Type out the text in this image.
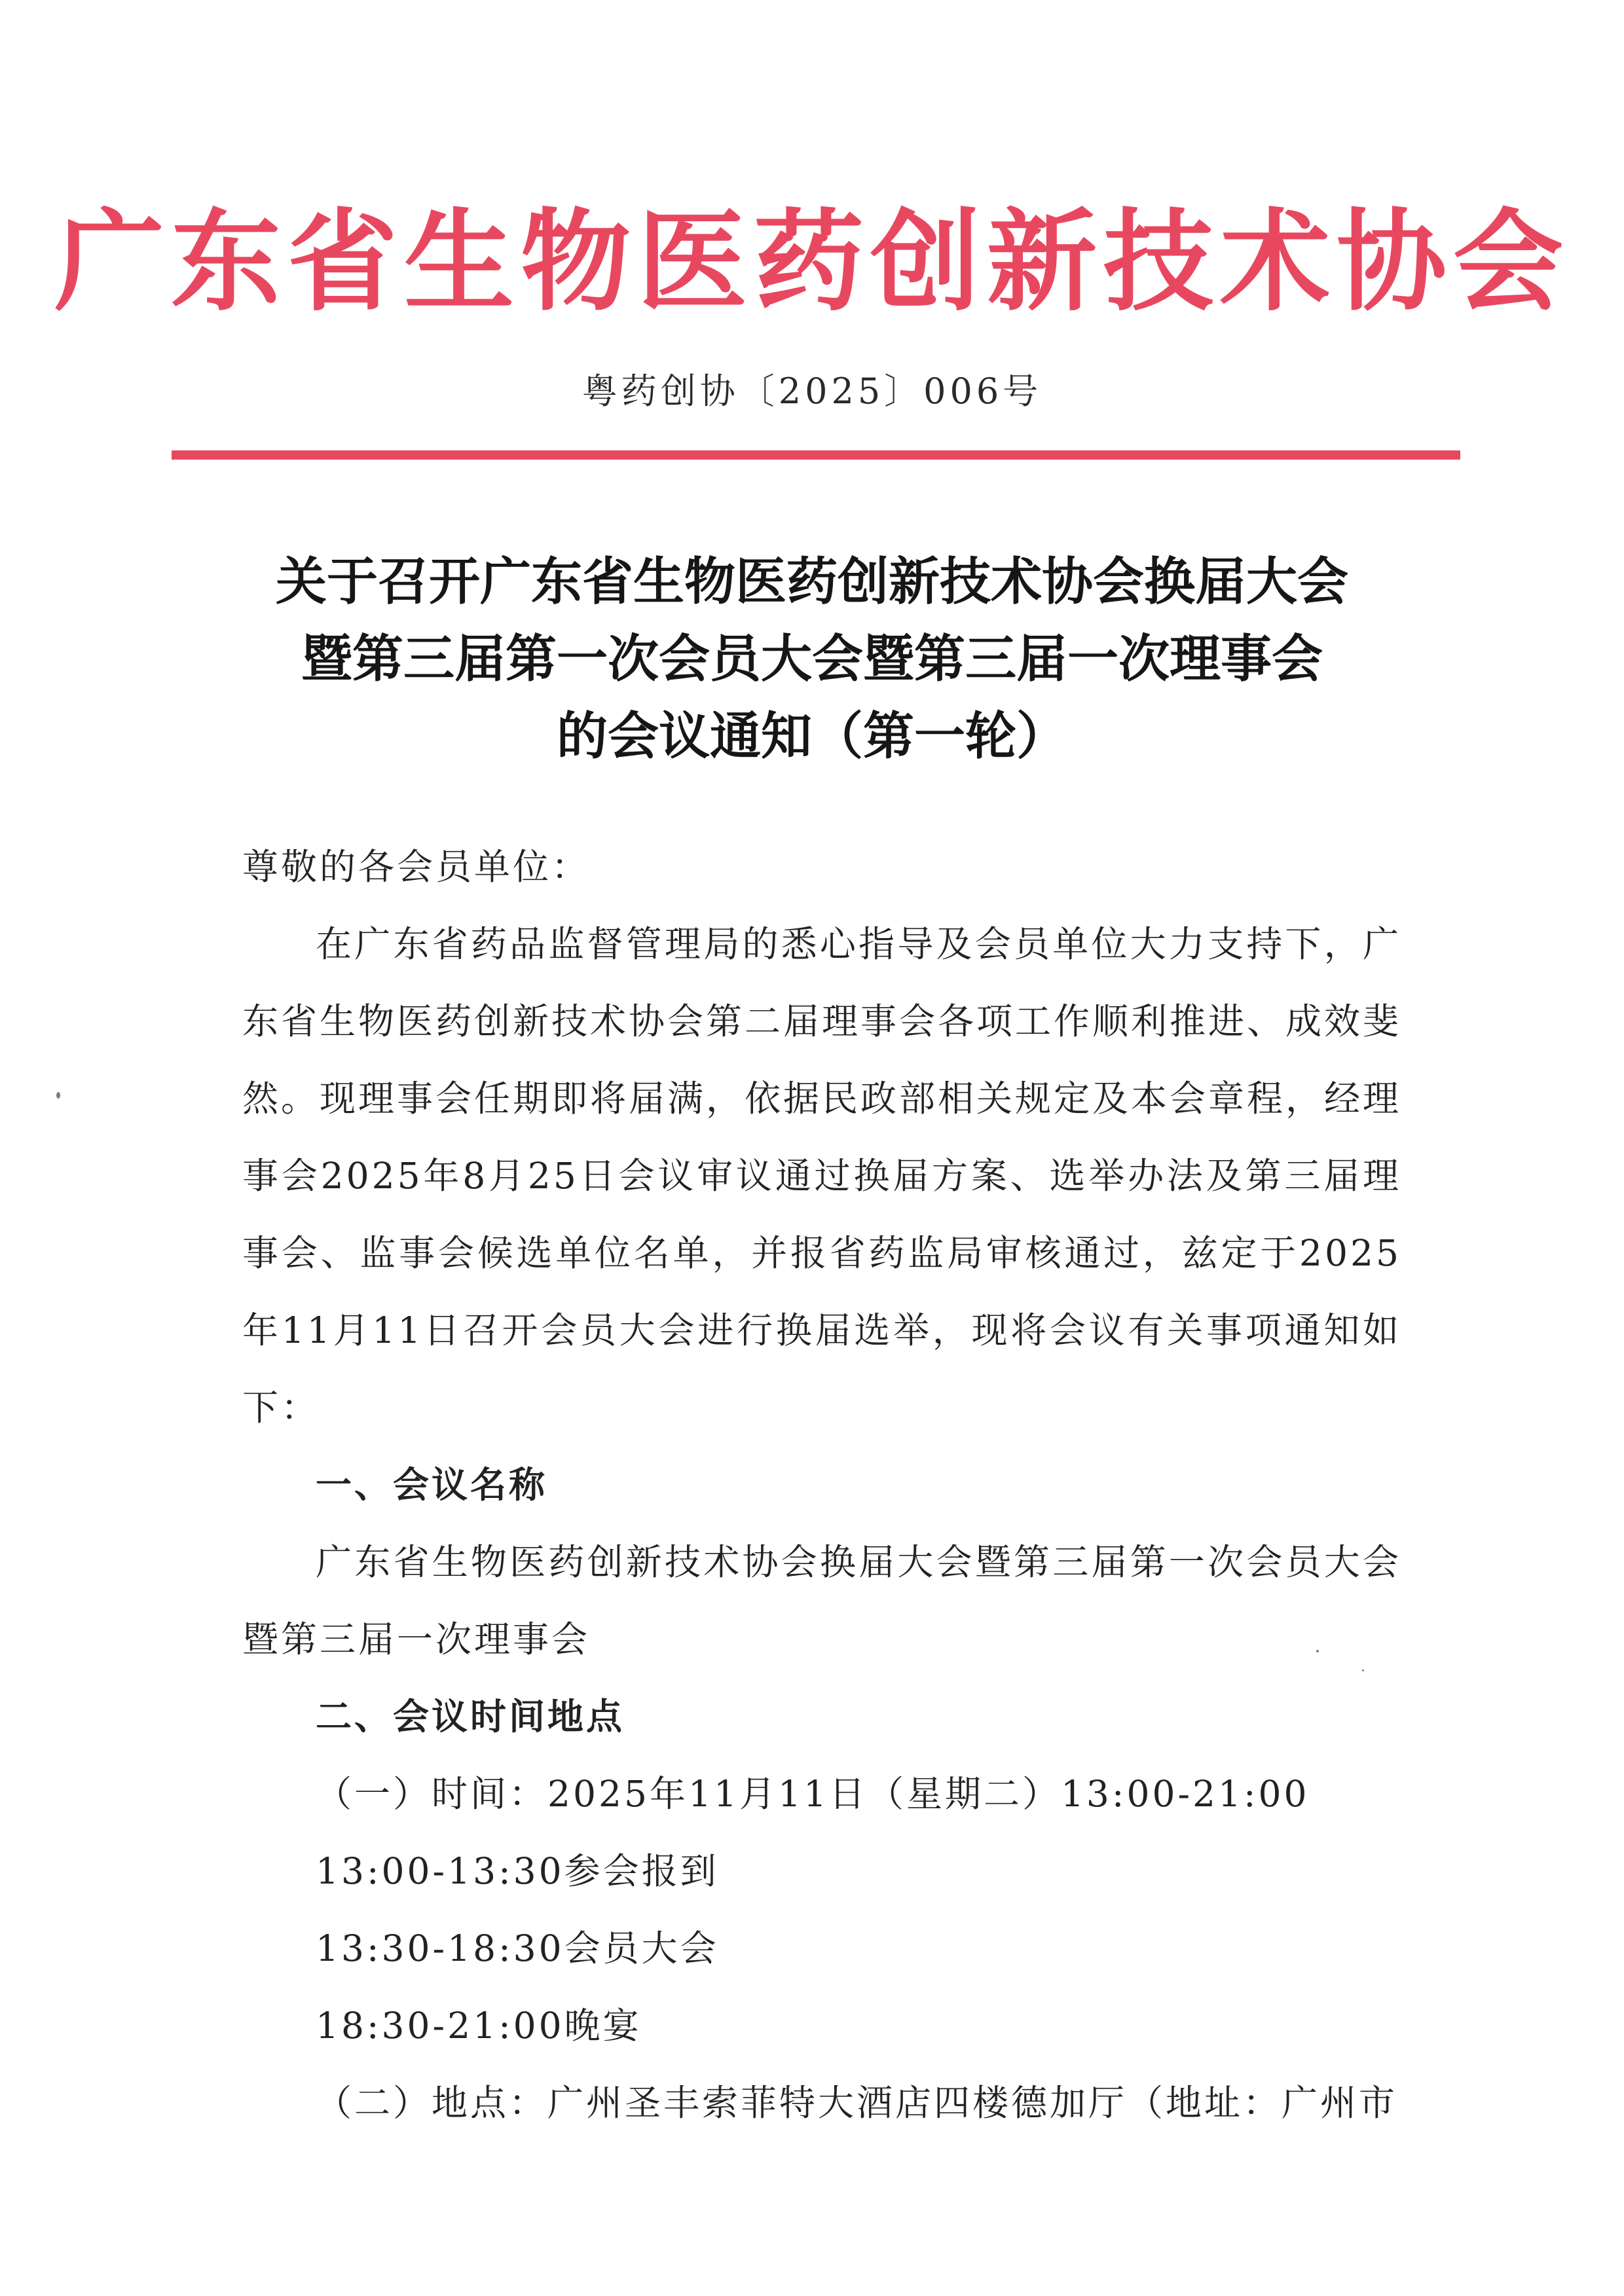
广东省生物医药创新技术协会
粤药创协〔2025〕006号
关于召开广东省生物医药创新技术协会换届大会
暨第三届第一次会员大会暨第三届一次理事会
的会议通知（第一轮）

尊敬的各会员单位：

在广东省药品监督管理局的悉心指导及会员单位大力支持下，广东省生物医药创新技术协会第二届理事会各项工作顺利推进、成效斐然。现理事会任期即将届满，依据民政部相关规定及本会章程，经理事会2025年8月25日会议审议通过换届方案、选举办法及第三届理事会、监事会候选单位名单，并报省药监局审核通过，兹定于2025年11月11日召开会员大会进行换届选举，现将会议有关事项通知如下：

一、会议名称

广东省生物医药创新技术协会换届大会暨第三届第一次会员大会暨第三届一次理事会

二、会议时间地点

（一）时间：2025年11月11日（星期二）13:00-21:00

13:00-13:30参会报到

13:30-18:30会员大会

18:30-21:00晚宴

（二）地点：广州圣丰索菲特大酒店四楼德加厅（地址：广州市
